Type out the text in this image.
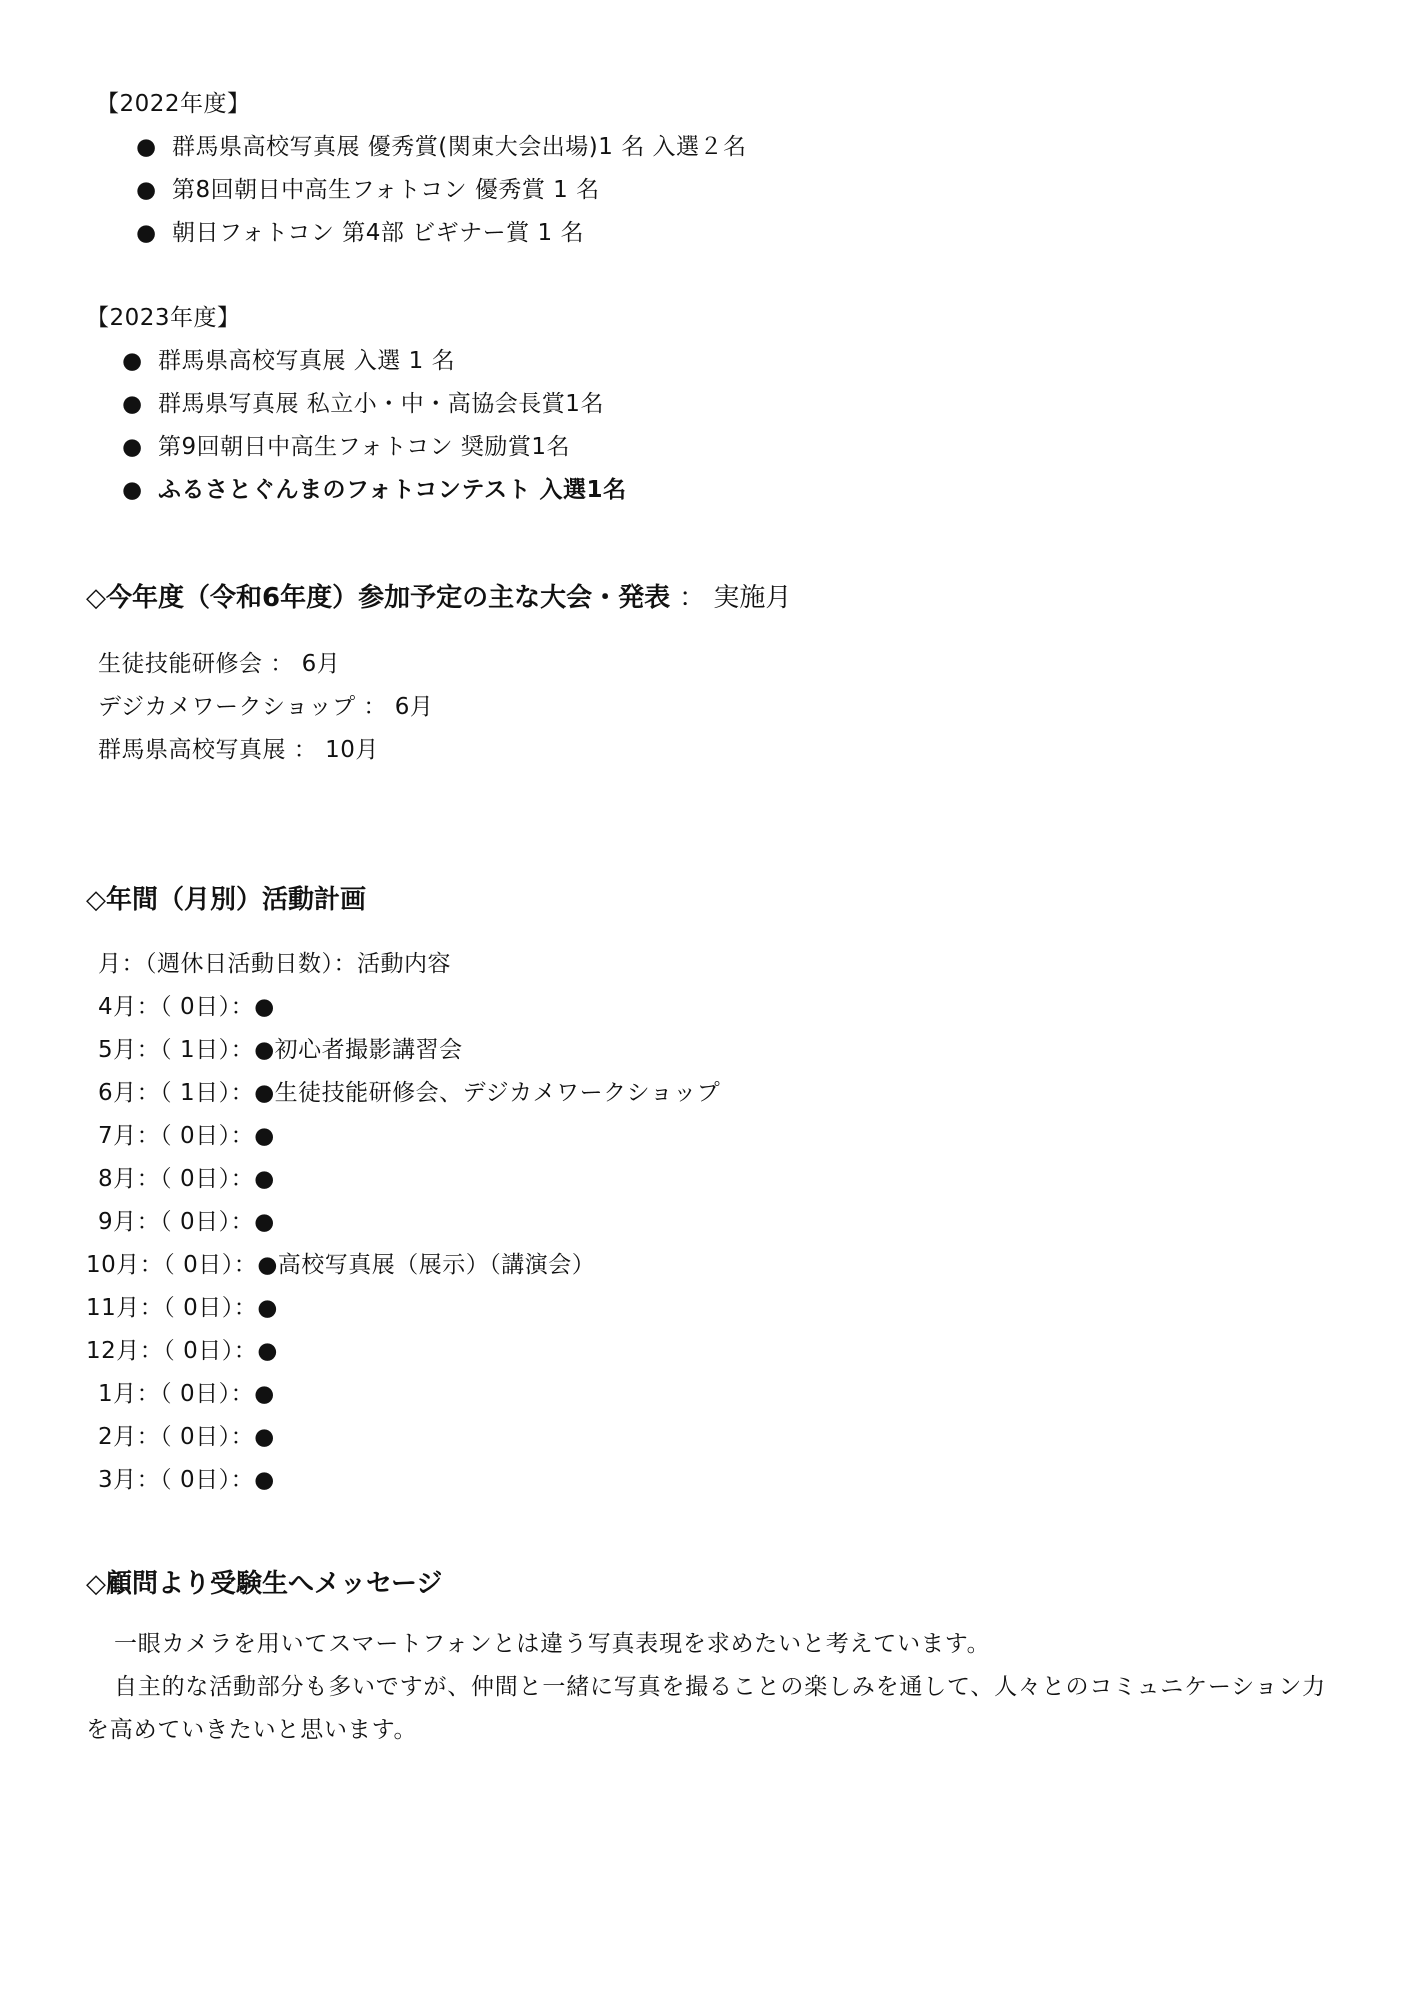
【2022年度】
● 群馬県高校写真展 優秀賞(関東大会出場)1 名 入選２名
● 第8回朝日中高生フォトコン 優秀賞 1 名
● 朝日フォトコン 第4部 ビギナー賞 1 名
【2023年度】
● 群馬県高校写真展 入選 1 名
● 群馬県写真展 私立小・中・高協会長賞1名
● 第9回朝日中高生フォトコン 奨励賞1名
● ふるさとぐんまのフォトコンテスト 入選1名
◇今年度（令和6年度）参加予定の主な大会・発表 ： 実施月
生徒技能研修会 ： 6月
デジカメワークショップ ： 6月
群馬県高校写真展 ： 10月
◇年間（月別）活動計画
月：（週休日活動日数）：活動内容
4月：（ 0日）：●
5月：（ 1日）：●初心者撮影講習会
6月：（ 1日）：●生徒技能研修会、デジカメワークショップ
7月：（ 0日）：●
8月：（ 0日）：●
9月：（ 0日）：●
10月：（ 0日）：●高校写真展（展示）（講演会）
11月：（ 0日）：●
12月：（ 0日）：●
1月：（ 0日）：●
2月：（ 0日）：●
3月：（ 0日）：●
◇顧問より受験生へメッセージ

一眼カメラを用いてスマートフォンとは違う写真表現を求めたいと考えています。

自主的な活動部分も多いですが、仲間と一緒に写真を撮ることの楽しみを通して、人々とのコミュニケーション力を高めていきたいと思います。
